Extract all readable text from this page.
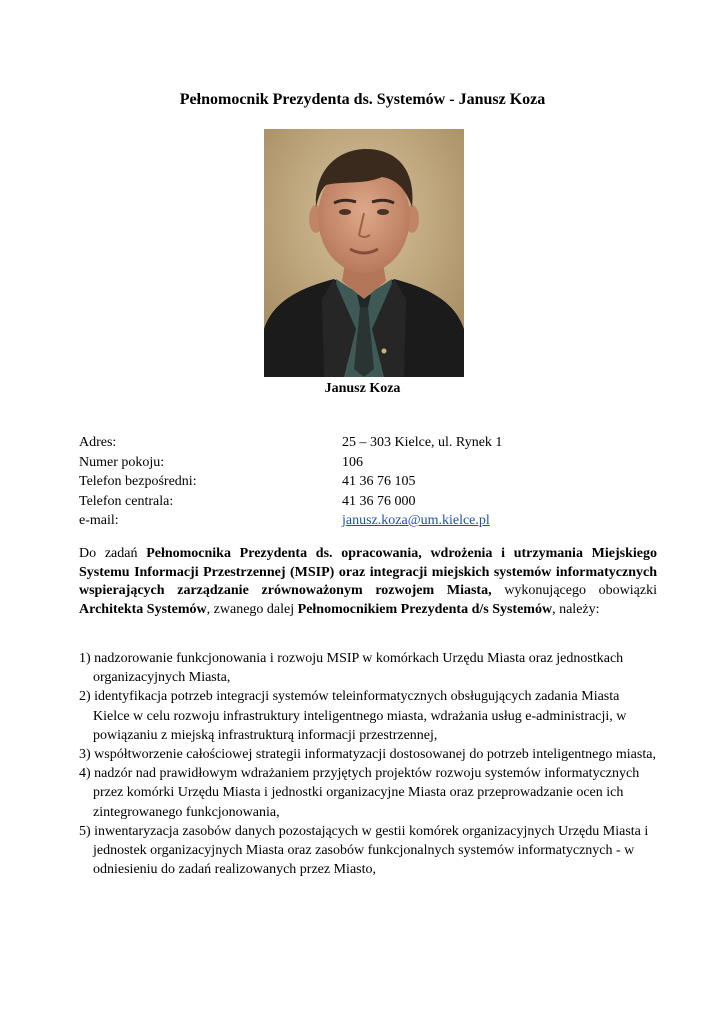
Pełnomocnik Prezydenta ds. Systemów - Janusz Koza
Janusz Koza
Adres:	25 – 303 Kielce, ul. Rynek 1
Numer pokoju:	106
Telefon bezpośredni:	41 36 76 105
Telefon centrala:	41 36 76 000
e-mail:	janusz.koza@um.kielce.pl

Do zadań Pełnomocnika Prezydenta ds. opracowania, wdrożenia i utrzymania Miejskiego Systemu Informacji Przestrzennej (MSIP) oraz integracji miejskich systemów informatycznych wspierających zarządzanie zrównoważonym rozwojem Miasta, wykonującego obowiązki Architekta Systemów, zwanego dalej Pełnomocnikiem Prezydenta d/s Systemów, należy:

1) nadzorowanie funkcjonowania i rozwoju MSIP w komórkach Urzędu Miasta oraz jednostkach organizacyjnych Miasta,
2) identyfikacja potrzeb integracji systemów teleinformatycznych obsługujących zadania Miasta Kielce w celu rozwoju infrastruktury inteligentnego miasta, wdrażania usług e-administracji, w powiązaniu z miejską infrastrukturą informacji przestrzennej,
3) współtworzenie całościowej strategii informatyzacji dostosowanej do potrzeb inteligentnego miasta,
4) nadzór nad prawidłowym wdrażaniem przyjętych projektów rozwoju systemów informatycznych przez komórki Urzędu Miasta i jednostki organizacyjne Miasta oraz przeprowadzanie ocen ich zintegrowanego funkcjonowania,
5) inwentaryzacja zasobów danych pozostających w gestii komórek organizacyjnych Urzędu Miasta i jednostek organizacyjnych Miasta oraz zasobów funkcjonalnych systemów informatycznych - w odniesieniu do zadań realizowanych przez Miasto,
